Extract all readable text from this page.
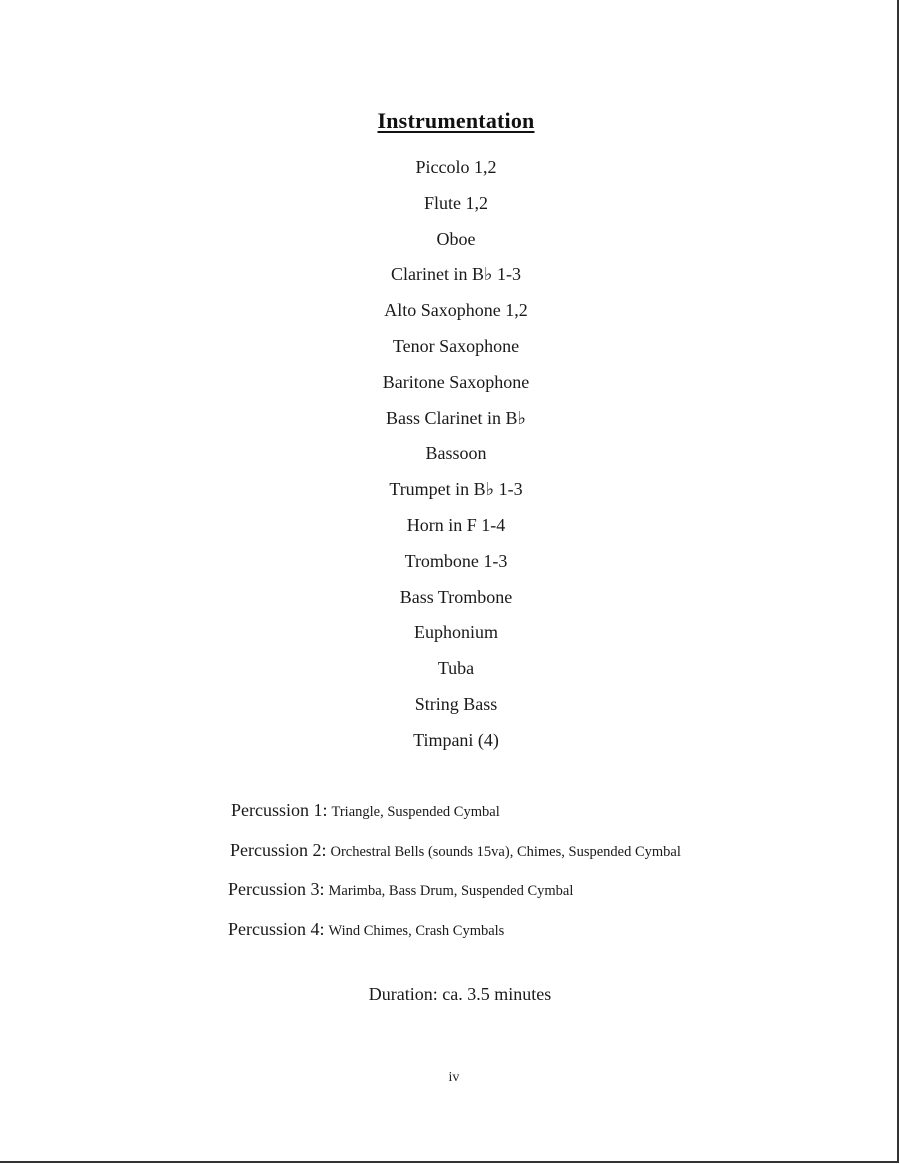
Instrumentation
Piccolo 1,2
Flute 1,2
Oboe
Clarinet in B♭ 1-3
Alto Saxophone 1,2
Tenor Saxophone
Baritone Saxophone
Bass Clarinet in B♭
Bassoon
Trumpet in B♭ 1-3
Horn in F 1-4
Trombone 1-3
Bass Trombone
Euphonium
Tuba
String Bass
Timpani (4)
Percussion 1: Triangle, Suspended Cymbal
Percussion 2: Orchestral Bells (sounds 15va), Chimes, Suspended Cymbal
Percussion 3: Marimba, Bass Drum, Suspended Cymbal
Percussion 4: Wind Chimes, Crash Cymbals
Duration: ca. 3.5 minutes
iv
